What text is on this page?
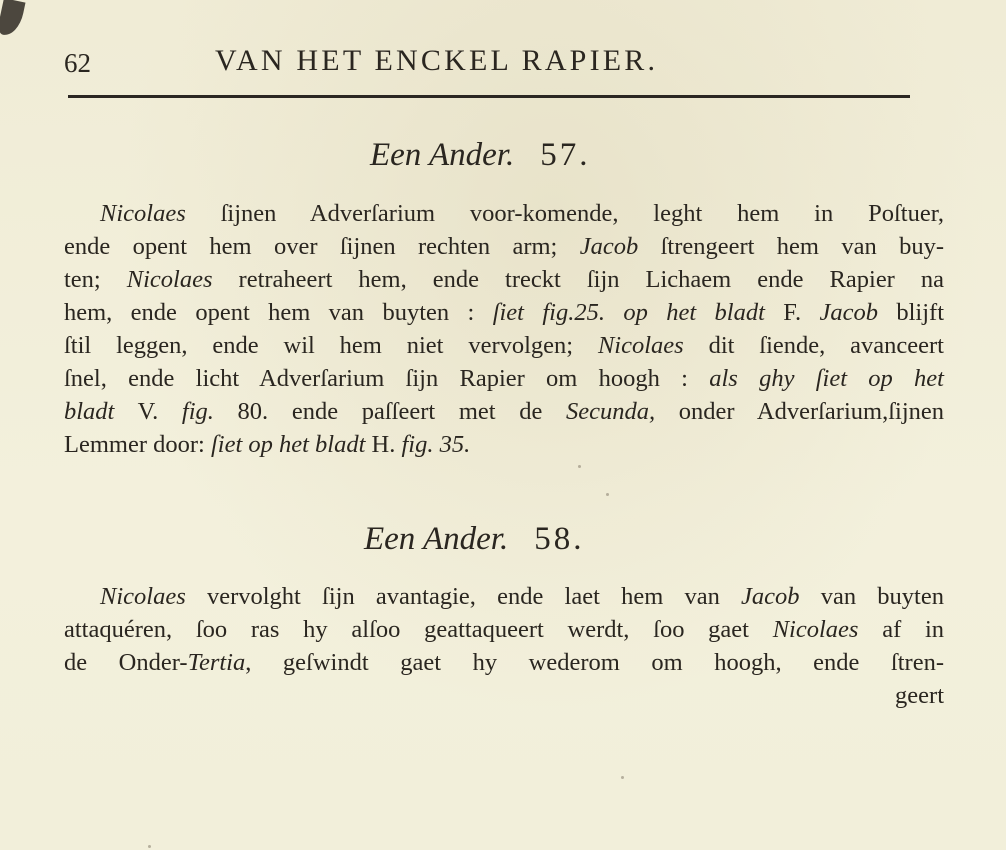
62	VAN HET ENCKEL RAPIER.
Een Ander. 57.
Nicolaes ſijnen Adverſarium voor-komende, leght hem in Poſtuer,
ende opent hem over ſijnen rechten arm; Jacob ſtrengeert hem van buy-
ten; Nicolaes retraheert hem, ende treckt ſijn Lichaem ende Rapier na
hem, ende opent hem van buyten : ſiet fig.25. op het bladt F. Jacob blijft
ſtil leggen, ende wil hem niet vervolgen; Nicolaes dit ſiende, avanceert
ſnel, ende licht Adverſarium ſijn Rapier om hoogh : als ghy ſiet op het
bladt V. fig. 80. ende paſſeert met de Secunda, onder Adverſarium,ſijnen
Lemmer door: ſiet op het bladt H. fig. 35.
Een Ander. 58.
Nicolaes vervolght ſijn avantagie, ende laet hem van Jacob van buyten
attaquéren, ſoo ras hy alſoo geattaqueert werdt, ſoo gaet Nicolaes af in
de Onder-Tertia, geſwindt gaet hy wederom om hoogh, ende ſtren-
geert
